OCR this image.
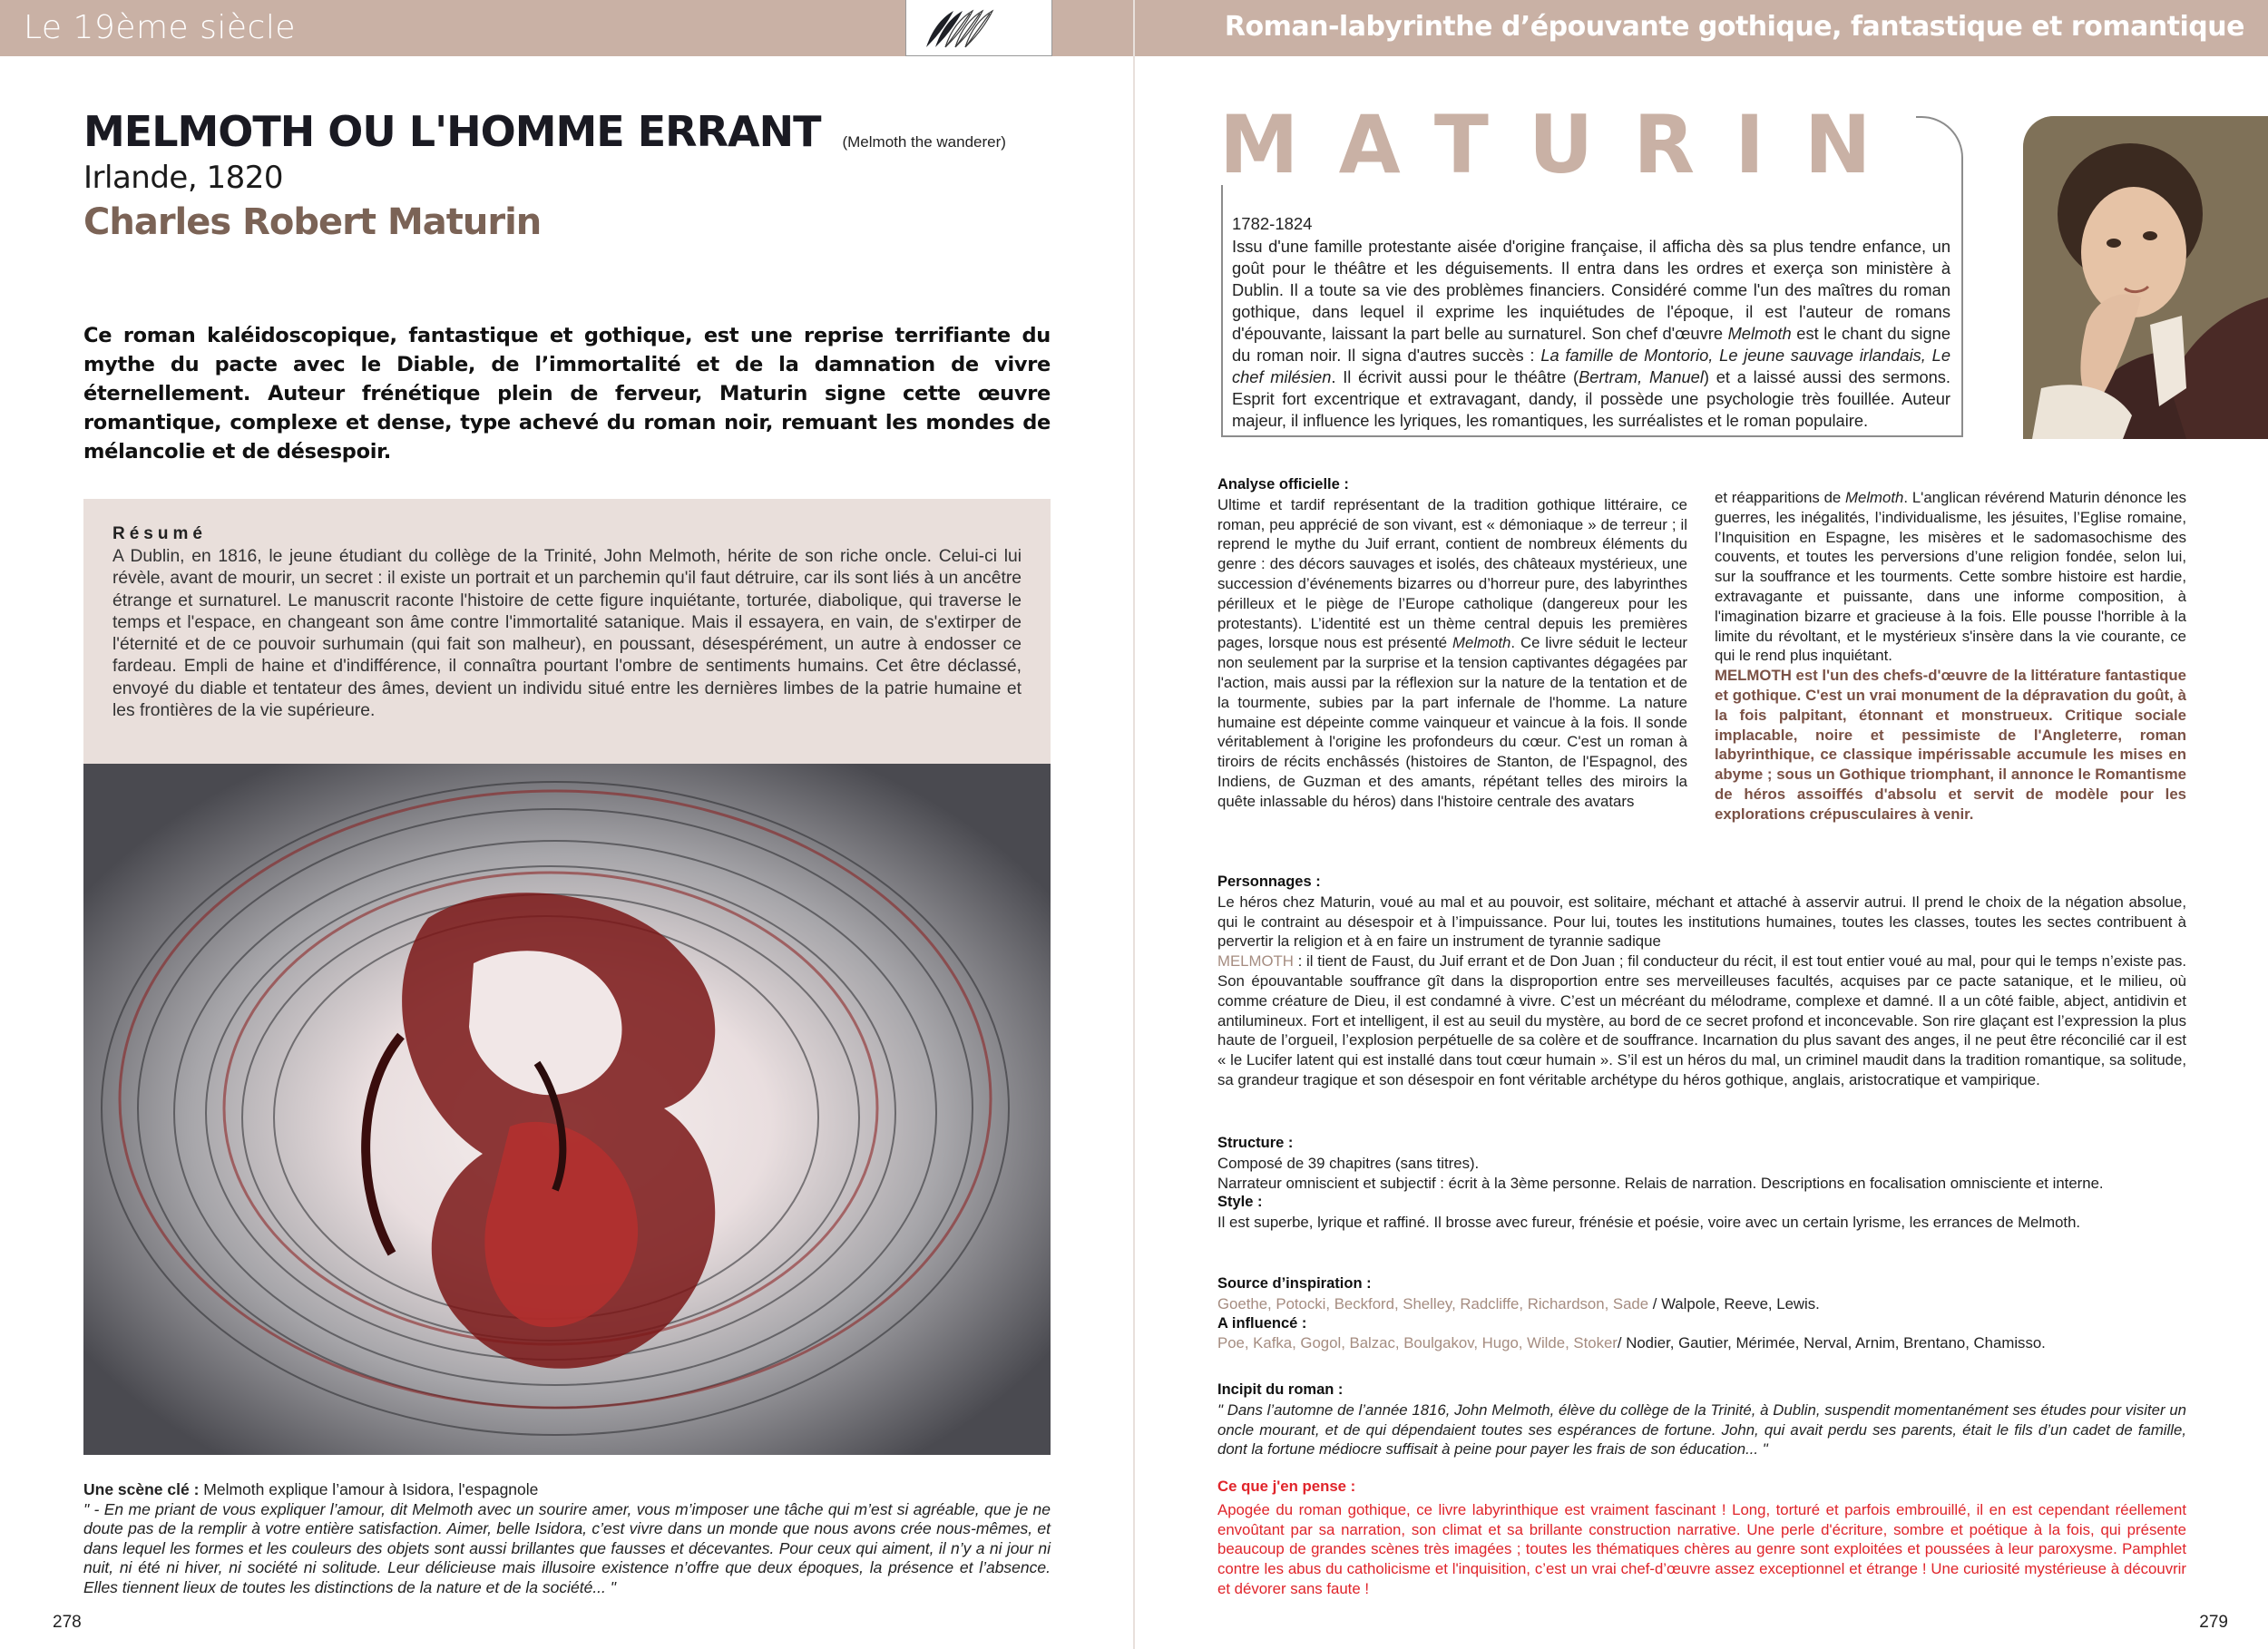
Le 19ème siècle	Roman-labyrinthe d’épouvante gothique, fantastique et romantique
MELMOTH OU L'HOMME ERRANT (Melmoth the wanderer)
Irlande, 1820
Charles Robert Maturin
Ce roman kaléidoscopique, fantastique et gothique, est une reprise terrifiante du mythe du pacte avec le Diable, de l’immortalité et de la damnation de vivre éternellement. Auteur frénétique plein de ferveur, Maturin signe cette œuvre romantique, complexe et dense, type achevé du roman noir, remuant les mondes de mélancolie et de désespoir.
Résumé
A Dublin, en 1816, le jeune étudiant du collège de la Trinité, John Melmoth, hérite de son riche oncle. Celui-ci lui révèle, avant de mourir, un secret : il existe un portrait et un parchemin qu'il faut détruire, car ils sont liés à un ancêtre étrange et surnaturel. Le manuscrit raconte l'histoire de cette figure inquiétante, torturée, diabolique, qui traverse le temps et l'espace, en changeant son âme contre l'immortalité satanique. Mais il essayera, en vain, de s'extirper de l'éternité et de ce pouvoir surhumain (qui fait son malheur), en poussant, désespérément, un autre à endosser ce fardeau. Empli de haine et d'indifférence, il connaîtra pourtant l'ombre de sentiments humains. Cet être déclassé, envoyé du diable et tentateur des âmes, devient un individu situé entre les dernières limbes de la patrie humaine et les frontières de la vie supérieure.
Une scène clé : Melmoth explique l’amour à Isidora, l'espagnole
" - En me priant de vous expliquer l’amour, dit Melmoth avec un sourire amer, vous m’imposer une tâche qui m’est si agréable, que je ne doute pas de la remplir à votre entière satisfaction. Aimer, belle Isidora, c’est vivre dans un monde que nous avons crée nous-mêmes, et dans lequel les formes et les couleurs des objets sont aussi brillantes que fausses et décevantes. Pour ceux qui aiment, il n’y a ni jour ni nuit, ni été ni hiver, ni société ni solitude. Leur délicieuse mais illusoire existence n’offre que deux époques, la présence et l’absence. Elles tiennent lieux de toutes les distinctions de la nature et de la société... "
278
MATURIN
1782-1824
Issu d'une famille protestante aisée d'origine française, il afficha dès sa plus tendre enfance, un goût pour le théâtre et les déguisements. Il entra dans les ordres et exerça son ministère à Dublin. Il a toute sa vie des problèmes financiers. Considéré comme l'un des maîtres du roman gothique, dans lequel il exprime les inquiétudes de l'époque, il est l'auteur de romans d'épouvante, laissant la part belle au surnaturel. Son chef d'œuvre Melmoth est le chant du signe du roman noir. Il signa d'autres succès : La famille de Montorio, Le jeune sauvage irlandais, Le chef milésien. Il écrivit aussi pour le théâtre (Bertram, Manuel) et a laissé aussi des sermons. Esprit fort excentrique et extravagant, dandy, il possède une psychologie très fouillée. Auteur majeur, il influence les lyriques, les romantiques, les surréalistes et le roman populaire.
Analyse officielle :
Ultime et tardif représentant de la tradition gothique littéraire, ce roman, peu apprécié de son vivant, est « démoniaque » de terreur ; il reprend le mythe du Juif errant, contient de nombreux éléments du genre : des décors sauvages et isolés, des châteaux mystérieux, une succession d’événements bizarres ou d’horreur pure, des labyrinthes périlleux et le piège de l’Europe catholique (dangereux pour les protestants). L’identité est un thème central depuis les premières pages, lorsque nous est présenté Melmoth. Ce livre séduit le lecteur non seulement par la surprise et la tension captivantes dégagées par l'action, mais aussi par la réflexion sur la nature de la tentation et de la tourmente, subies par la part infernale de l'homme. La nature humaine est dépeinte comme vainqueur et vaincue à la fois. Il sonde véritablement à l'origine les profondeurs du cœur. C'est un roman à tiroirs de récits enchâssés (histoires de Stanton, de l'Espagnol, des Indiens, de Guzman et des amants, répétant telles des miroirs la quête inlassable du héros) dans l'histoire centrale des avatars
et réapparitions de Melmoth. L'anglican révérend Maturin dénonce les guerres, les inégalités, l’individualisme, les jésuites, l’Eglise romaine, l’Inquisition en Espagne, les misères et le sadomasochisme des couvents, et toutes les perversions d’une religion fondée, selon lui, sur la souffrance et les tourments. Cette sombre histoire est hardie, extravagante et puissante, dans une informe composition, à l'imagination bizarre et gracieuse à la fois. Elle pousse l'horrible à la limite du révoltant, et le mystérieux s'insère dans la vie courante, ce qui le rend plus inquiétant.
MELMOTH est l'un des chefs-d'œuvre de la littérature fantastique et gothique. C'est un vrai monument de la dépravation du goût, à la fois palpitant, étonnant et monstrueux. Critique sociale implacable, noire et pessimiste de l'Angleterre, roman labyrinthique, ce classique impérissable accumule les mises en abyme ; sous un Gothique triomphant, il annonce le Romantisme de héros assoiffés d'absolu et servit de modèle pour les explorations crépusculaires à venir.
Personnages :
Le héros chez Maturin, voué au mal et au pouvoir, est solitaire, méchant et attaché à asservir autrui. Il prend le choix de la négation absolue, qui le contraint au désespoir et à l’impuissance. Pour lui, toutes les institutions humaines, toutes les classes, toutes les sectes contribuent à pervertir la religion et à en faire un instrument de tyrannie sadique
MELMOTH : il tient de Faust, du Juif errant et de Don Juan ; fil conducteur du récit, il est tout entier voué au mal, pour qui le temps n’existe pas. Son épouvantable souffrance gît dans la disproportion entre ses merveilleuses facultés, acquises par ce pacte satanique, et le milieu, où comme créature de Dieu, il est condamné à vivre. C’est un mécréant du mélodrame, complexe et damné. Il a un côté faible, abject, antidivin et antilumineux. Fort et intelligent, il est au seuil du mystère, au bord de ce secret profond et inconcevable. Son rire glaçant est l’expression la plus haute de l’orgueil, l’explosion perpétuelle de sa colère et de souffrance. Incarnation du plus savant des anges, il ne peut être réconcilié car il est « le Lucifer latent qui est installé dans tout cœur humain ». S’il est un héros du mal, un criminel maudit dans la tradition romantique, sa solitude, sa grandeur tragique et son désespoir en font véritable archétype du héros gothique, anglais, aristocratique et vampirique.
Structure :
Composé de 39 chapitres (sans titres).
Narrateur omniscient et subjectif : écrit à la 3ème personne. Relais de narration. Descriptions en focalisation omnisciente et interne.
Style :
Il est superbe, lyrique et raffiné. Il brosse avec fureur, frénésie et poésie, voire avec un certain lyrisme, les errances de Melmoth.
Source d’inspiration :
Goethe, Potocki, Beckford, Shelley, Radcliffe, Richardson, Sade / Walpole, Reeve, Lewis.
A influencé :
Poe, Kafka, Gogol, Balzac, Boulgakov, Hugo, Wilde, Stoker/ Nodier, Gautier, Mérimée, Nerval, Arnim, Brentano, Chamisso.
Incipit du roman :
" Dans l’automne de l’année 1816, John Melmoth, élève du collège de la Trinité, à Dublin, suspendit momentanément ses études pour visiter un oncle mourant, et de qui dépendaient toutes ses espérances de fortune. John, qui avait perdu ses parents, était le fils d’un cadet de famille, dont la fortune médiocre suffisait à peine pour payer les frais de son éducation... "
Ce que j'en pense :
Apogée du roman gothique, ce livre labyrinthique est vraiment fascinant ! Long, torturé et parfois embrouillé, il en est cependant réellement envoûtant par sa narration, son climat et sa brillante construction narrative. Une perle d'écriture, sombre et poétique à la fois, qui présente beaucoup de grandes scènes très imagées ; toutes les thématiques chères au genre sont exploitées et poussées à leur paroxysme. Pamphlet contre les abus du catholicisme et l'inquisition, c’est un vrai chef-d’œuvre assez exceptionnel et étrange ! Une curiosité mystérieuse à découvrir et dévorer sans faute !
279
